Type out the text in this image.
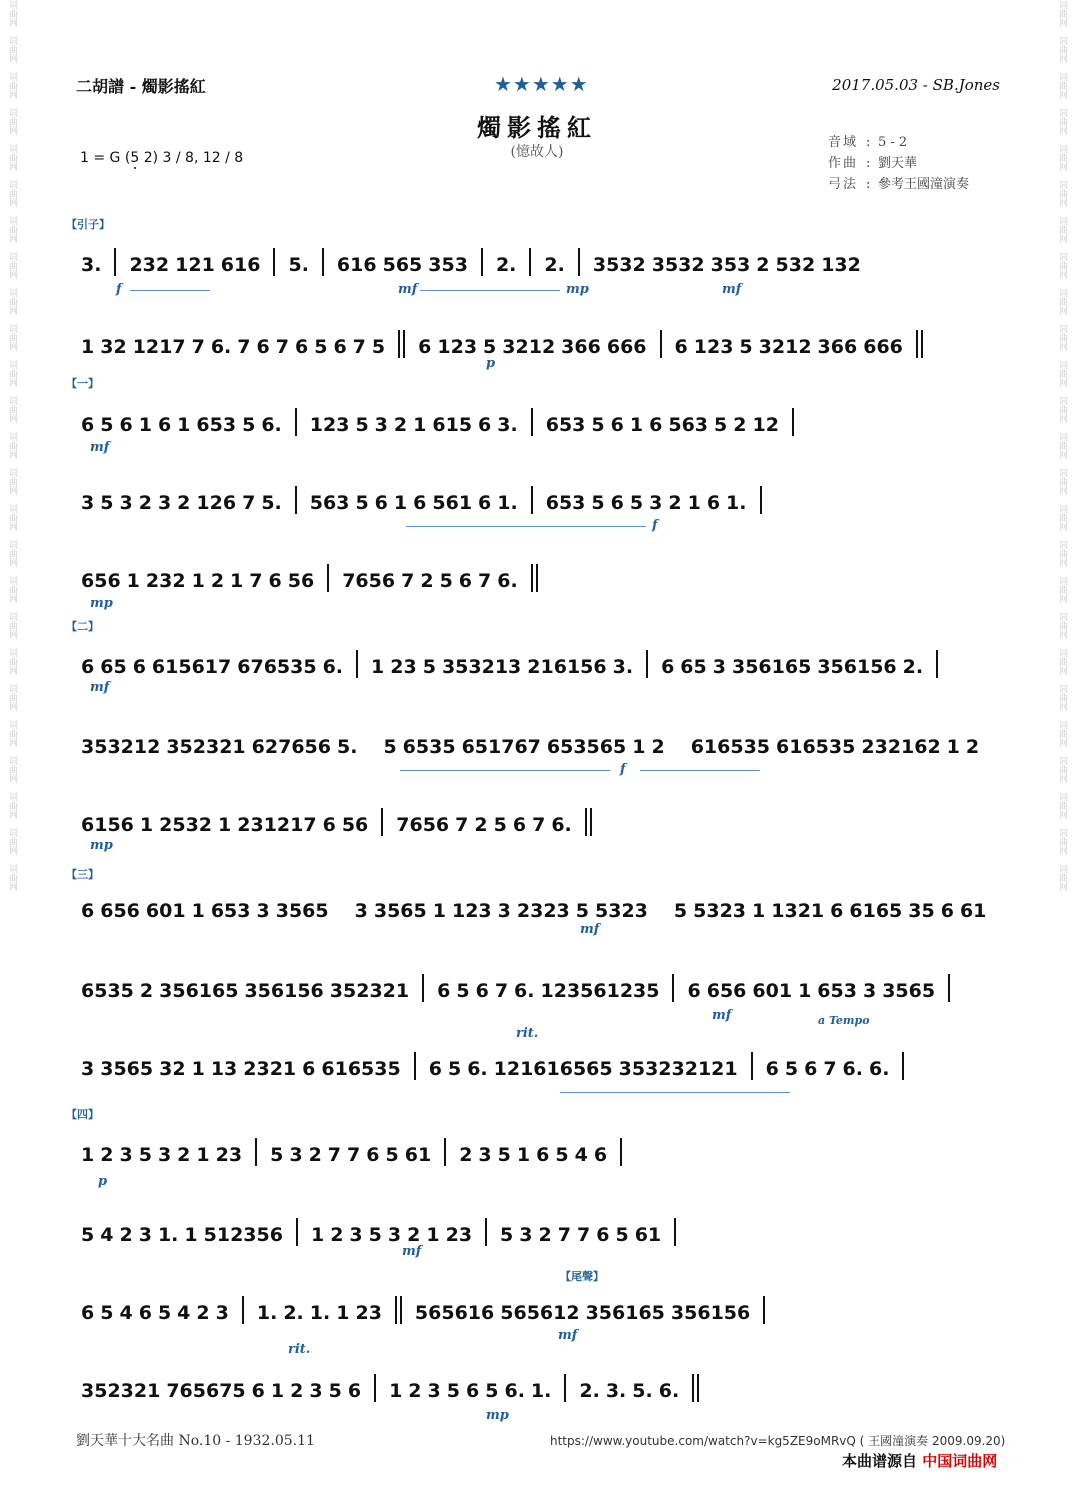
词曲网
词曲网
词曲网
词曲网
词曲网
词曲网
词曲网
词曲网
词曲网
词曲网
词曲网
词曲网
词曲网
词曲网
词曲网
词曲网
词曲网
词曲网
词曲网
词曲网
词曲网
词曲网
词曲网
词曲网
词曲网
词曲网
词曲网
词曲网
词曲网
词曲网
词曲网
词曲网
词曲网
词曲网
词曲网
词曲网
词曲网
词曲网
词曲网
词曲网
词曲网
词曲网
词曲网
词曲网
词曲网
词曲网
词曲网
词曲网
词曲网
词曲网
二胡譜 - 燭影搖紅	★★★★★	2017.05.03 - SB.Jones
燭影搖紅
(憶故人)
1 = G (5 2) 3 / 8, 12 / 8
音域 : 5 - 2
作曲 : 劉天華
弓法 : 參考王國潼演奏
【引子】
【一】
【二】
【三】
【四】
【尾聲】
3. 232 121 616 5. 616 565 353 2. 2. 3532 3532 353 2 532 132
1 32 1217 7 6. 7 6 7 6 5 6 7 5 6 123 5 3212 366 666 6 123 5 3212 366 666
6 5 6 1 6 1 653 5 6. 123 5 3 2 1 615 6 3. 653 5 6 1 6 563 5 2 12
3 5 3 2 3 2 126 7 5. 563 5 6 1 6 561 6 1. 653 5 6 5 3 2 1 6 1.
656 1 232 1 2 1 7 6 56 7656 7 2 5 6 7 6.
6 65 6 615617 676535 6. 1 23 5 353213 216156 3. 6 65 3 356165 356156 2.
353212 352321 627656 5. 5 6535 651767 653565 1 2 616535 616535 232162 1 2
6156 1 2532 1 231217 6 56 7656 7 2 5 6 7 6.
6 656 601 1 653 3 3565 3 3565 1 123 3 2323 5 5323 5 5323 1 1321 6 6165 35 6 61
6535 2 356165 356156 352321 6 5 6 7 6. 123561235 6 656 601 1 653 3 3565
3 3565 32 1 13 2321 6 616535 6 5 6. 121616565 353232121 6 5 6 7 6. 6.
1 2 3 5 3 2 1 23 5 3 2 7 7 6 5 61 2 3 5 1 6 5 4 6
5 4 2 3 1. 1 512356 1 2 3 5 3 2 1 23 5 3 2 7 7 6 5 61
6 5 4 6 5 4 2 3 1. 2. 1. 1 23 565616 565612 356165 356156
352321 765675 6 1 2 3 5 6 1 2 3 5 6 5 6. 1. 2. 3. 5. 6.
f	mf	mp	mf
p
mf
f
mp
mf
f
mp
mf
mf
rit.
a Tempo
p
mf
mf
rit.
mp
劉天華十大名曲 No.10 - 1932.05.11	https://www.youtube.com/watch?v=kg5ZE9oMRvQ ( 王國潼演奏 2009.09.20)
本曲谱源自 中国词曲网
